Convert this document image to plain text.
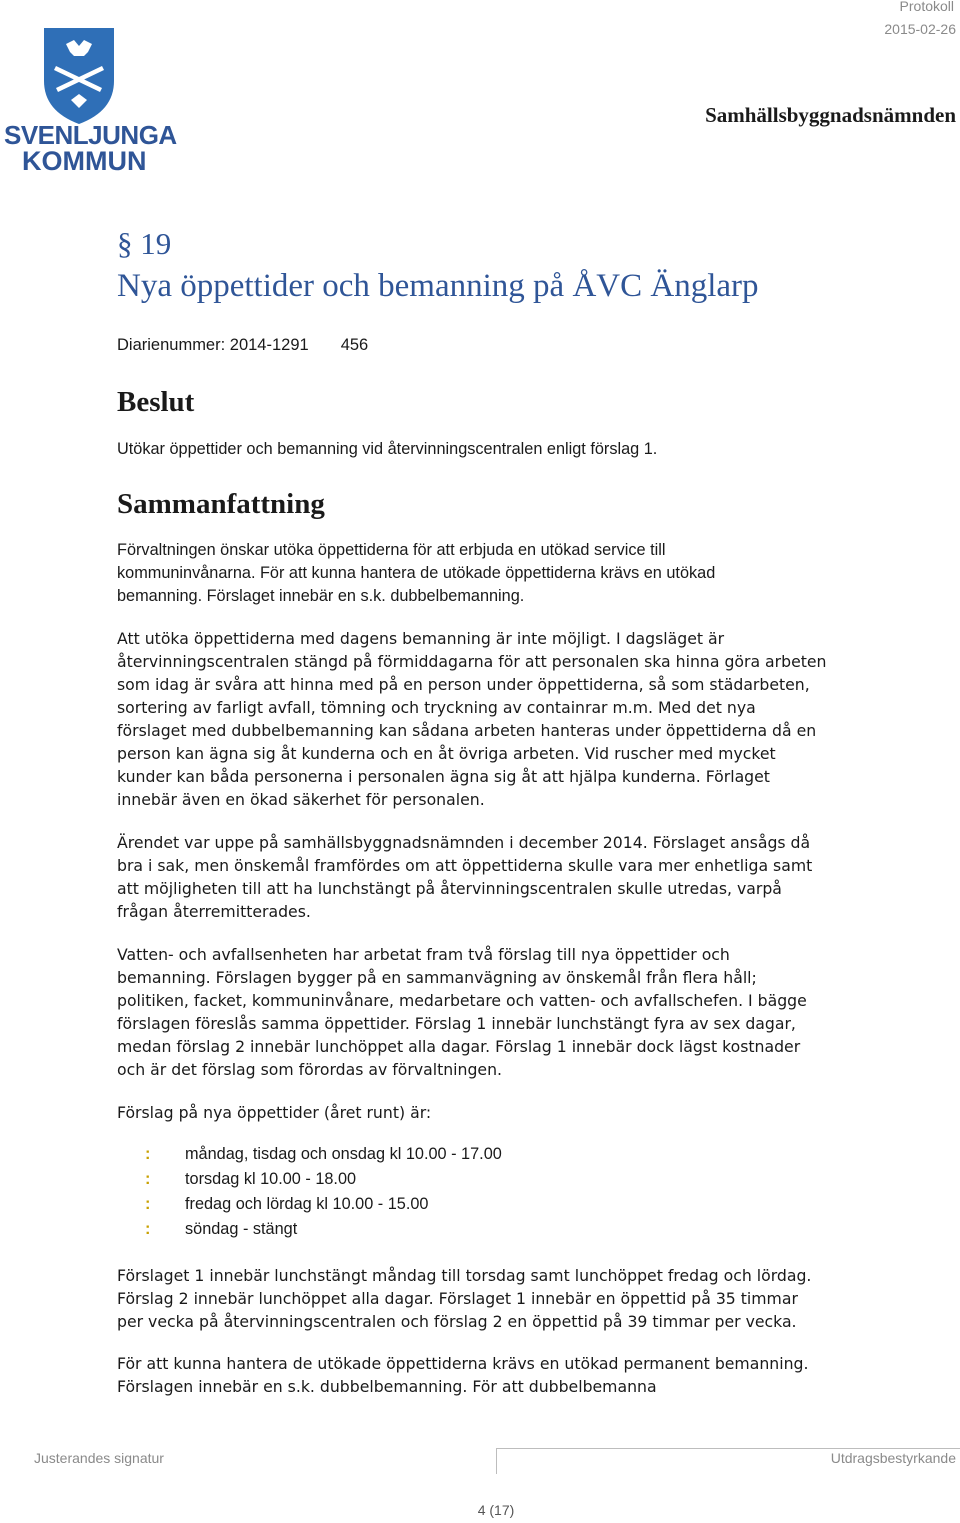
SVENLJUNGA
KOMMUN
Protokoll
2015-02-26
Samhällsbyggnadsnämnden
§ 19
Nya öppettider och bemanning på ÅVC Änglarp
Diarienummer: 2014-1291 456
Beslut

Utökar öppettider och bemanning vid återvinningscentralen enligt förslag 1.

Sammanfattning
Förvaltningen önskar utöka öppettiderna för att erbjuda en utökad service till
kommuninvånarna. För att kunna hantera de utökade öppettiderna krävs en utökad
bemanning. Förslaget innebär en s.k. dubbelbemanning.
Att utöka öppettiderna med dagens bemanning är inte möjligt. I dagsläget är
återvinningscentralen stängd på förmiddagarna för att personalen ska hinna göra arbeten
som idag är svåra att hinna med på en person under öppettiderna, så som städarbeten,
sortering av farligt avfall, tömning och tryckning av containrar m.m. Med det nya
förslaget med dubbelbemanning kan sådana arbeten hanteras under öppettiderna då en
person kan ägna sig åt kunderna och en åt övriga arbeten. Vid ruscher med mycket
kunder kan båda personerna i personalen ägna sig åt att hjälpa kunderna. Förlaget
innebär även en ökad säkerhet för personalen.
Ärendet var uppe på samhällsbyggnadsnämnden i december 2014. Förslaget ansågs då
bra i sak, men önskemål framfördes om att öppettiderna skulle vara mer enhetliga samt
att möjligheten till att ha lunchstängt på återvinningscentralen skulle utredas, varpå
frågan återremitterades.
Vatten- och avfallsenheten har arbetat fram två förslag till nya öppettider och
bemanning. Förslagen bygger på en sammanvägning av önskemål från flera håll;
politiken, facket, kommuninvånare, medarbetare och vatten- och avfallschefen. I bägge
förslagen föreslås samma öppettider. Förslag 1 innebär lunchstängt fyra av sex dagar,
medan förslag 2 innebär lunchöppet alla dagar. Förslag 1 innebär dock lägst kostnader
och är det förslag som förordas av förvaltningen.
Förslag på nya öppettider (året runt) är:
: måndag, tisdag och onsdag kl 10.00 - 17.00
: torsdag kl 10.00 - 18.00
: fredag och lördag kl 10.00 - 15.00
: söndag - stängt
Förslaget 1 innebär lunchstängt måndag till torsdag samt lunchöppet fredag och lördag.
Förslag 2 innebär lunchöppet alla dagar. Förslaget 1 innebär en öppettid på 35 timmar
per vecka på återvinningscentralen och förslag 2 en öppettid på 39 timmar per vecka.
För att kunna hantera de utökade öppettiderna krävs en utökad permanent bemanning.
Förslagen innebär en s.k. dubbelbemanning. För att dubbelbemanna
Justerandes signatur	Utdragsbestyrkande
4 (17)
